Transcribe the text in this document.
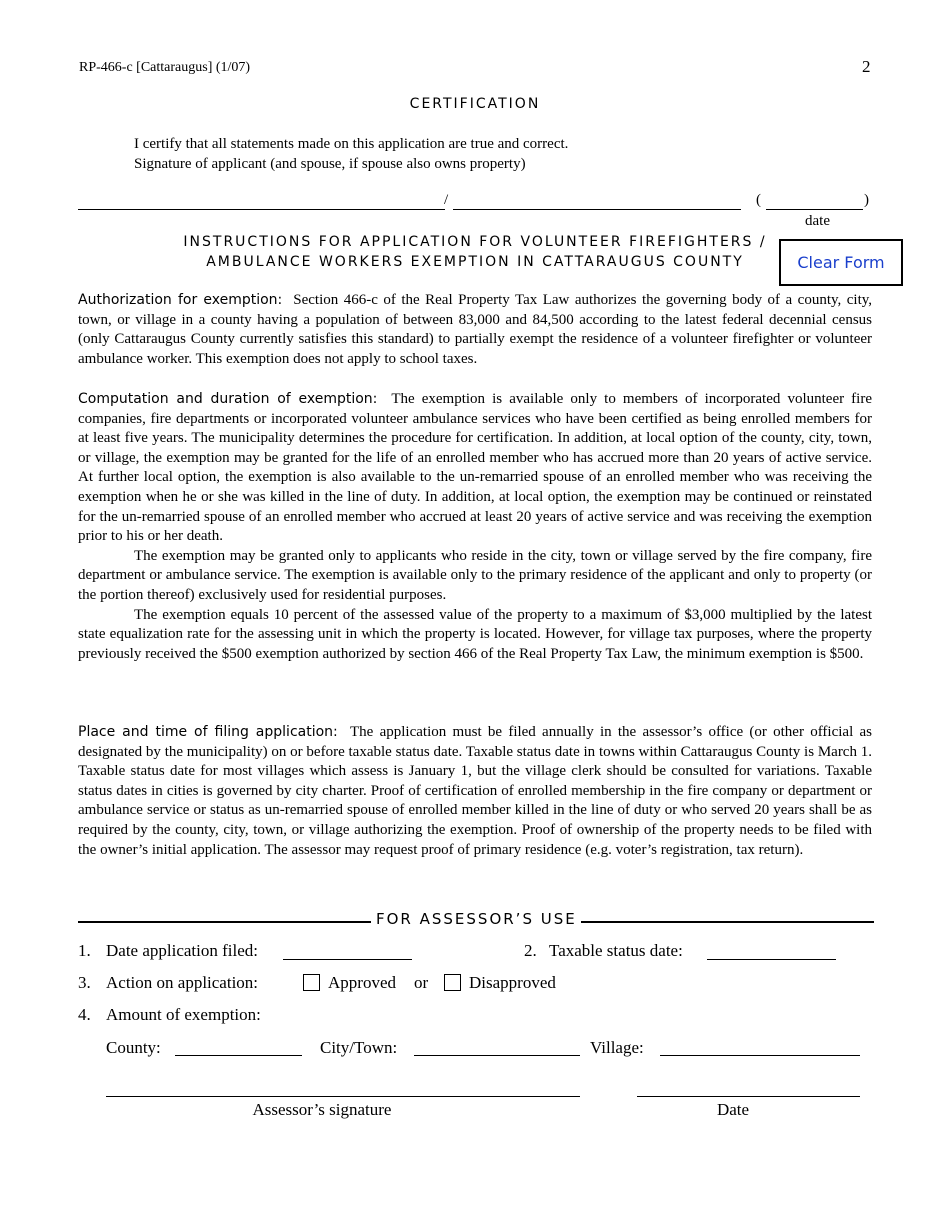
RP-466-c [Cattaraugus] (1/07)	2
CERTIFICATION
I certify that all statements made on this application are true and correct.
Signature of applicant (and spouse, if spouse also owns property)
/	(	)
date
INSTRUCTIONS FOR APPLICATION FOR VOLUNTEER FIREFIGHTERS /
AMBULANCE WORKERS EXEMPTION IN CATTARAUGUS COUNTY	Clear Form

Authorization for exemption: Section 466-c of the Real Property Tax Law authorizes the governing body of a county, city, town, or village in a county having a population of between 83,000 and 84,500 according to the latest federal decennial census (only Cattaraugus County currently satisfies this standard) to partially exempt the residence of a volunteer firefighter or volunteer ambulance worker. This exemption does not apply to school taxes.

Computation and duration of exemption: The exemption is available only to members of incorporated volunteer fire companies, fire departments or incorporated volunteer ambulance services who have been certified as being enrolled members for at least five years. The municipality determines the procedure for certification. In addition, at local option of the county, city, town, or village, the exemption may be granted for the life of an enrolled member who has accrued more than 20 years of active service. At further local option, the exemption is also available to the un-remarried spouse of an enrolled member who was receiving the exemption when he or she was killed in the line of duty. In addition, at local option, the exemption may be continued or reinstated for the un-remarried spouse of an enrolled member who accrued at least 20 years of active service and was receiving the exemption prior to his or her death.

The exemption may be granted only to applicants who reside in the city, town or village served by the fire company, fire department or ambulance service. The exemption is available only to the primary residence of the applicant and only to property (or the portion thereof) exclusively used for residential purposes.

The exemption equals 10 percent of the assessed value of the property to a maximum of $3,000 multiplied by the latest state equalization rate for the assessing unit in which the property is located. However, for village tax purposes, where the property previously received the $500 exemption authorized by section 466 of the Real Property Tax Law, the minimum exemption is $500.

Place and time of filing application: The application must be filed annually in the assessor’s office (or other official as designated by the municipality) on or before taxable status date. Taxable status date in towns within Cattaraugus County is March 1. Taxable status date for most villages which assess is January 1, but the village clerk should be consulted for variations. Taxable status dates in cities is governed by city charter. Proof of certification of enrolled membership in the fire company or department or ambulance service or status as un-remarried spouse of enrolled member killed in the line of duty or who served 20 years shall be as required by the county, city, town, or village authorizing the exemption. Proof of ownership of the property needs to be filed with the owner’s initial application. The assessor may request proof of primary residence (e.g. voter’s registration, tax return).

FOR ASSESSOR’S USE
1. Date application filed:	2. Taxable status date:
3. Action on application:	Approved or Disapproved
4. Amount of exemption:
County:	City/Town:	Village:
Assessor’s signature	Date
